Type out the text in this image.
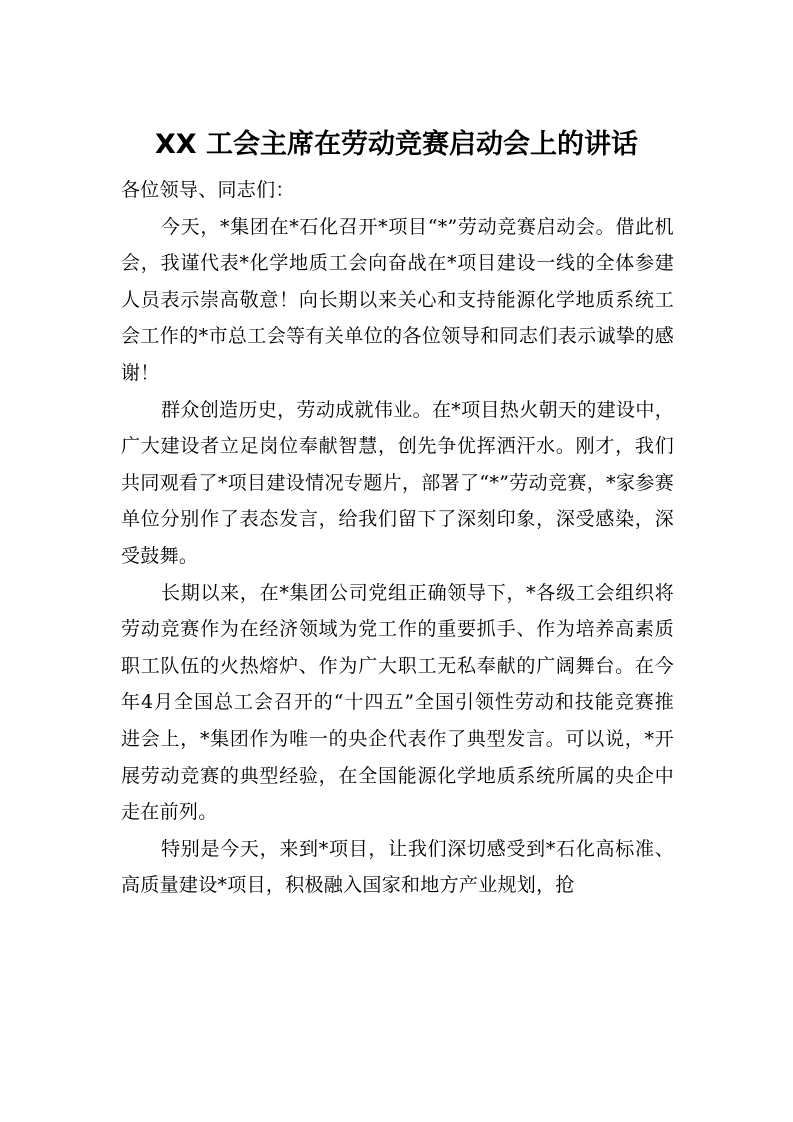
XX 工会主席在劳动竞赛启动会上的讲话

各位领导、同志们：

今天，*集团在*石化召开*项目“*”劳动竞赛启动会。借此机会，我谨代表*化学地质工会向奋战在*项目建设一线的全体参建人员表示崇高敬意！向长期以来关心和支持能源化学地质系统工会工作的*市总工会等有关单位的各位领导和同志们表示诚挚的感谢！

群众创造历史，劳动成就伟业。在*项目热火朝天的建设中，广大建设者立足岗位奉献智慧，创先争优挥洒汗水。刚才，我们共同观看了*项目建设情况专题片，部署了“*”劳动竞赛，*家参赛单位分别作了表态发言，给我们留下了深刻印象，深受感染，深受鼓舞。

长期以来，在*集团公司党组正确领导下，*各级工会组织将劳动竞赛作为在经济领域为党工作的重要抓手、作为培养高素质职工队伍的火热熔炉、作为广大职工无私奉献的广阔舞台。在今年4月全国总工会召开的“十四五”全国引领性劳动和技能竞赛推进会上，*集团作为唯一的央企代表作了典型发言。可以说，*开展劳动竞赛的典型经验，在全国能源化学地质系统所属的央企中走在前列。

特别是今天，来到*项目，让我们深切感受到*石化高标准、高质量建设*项目，积极融入国家和地方产业规划，抢
